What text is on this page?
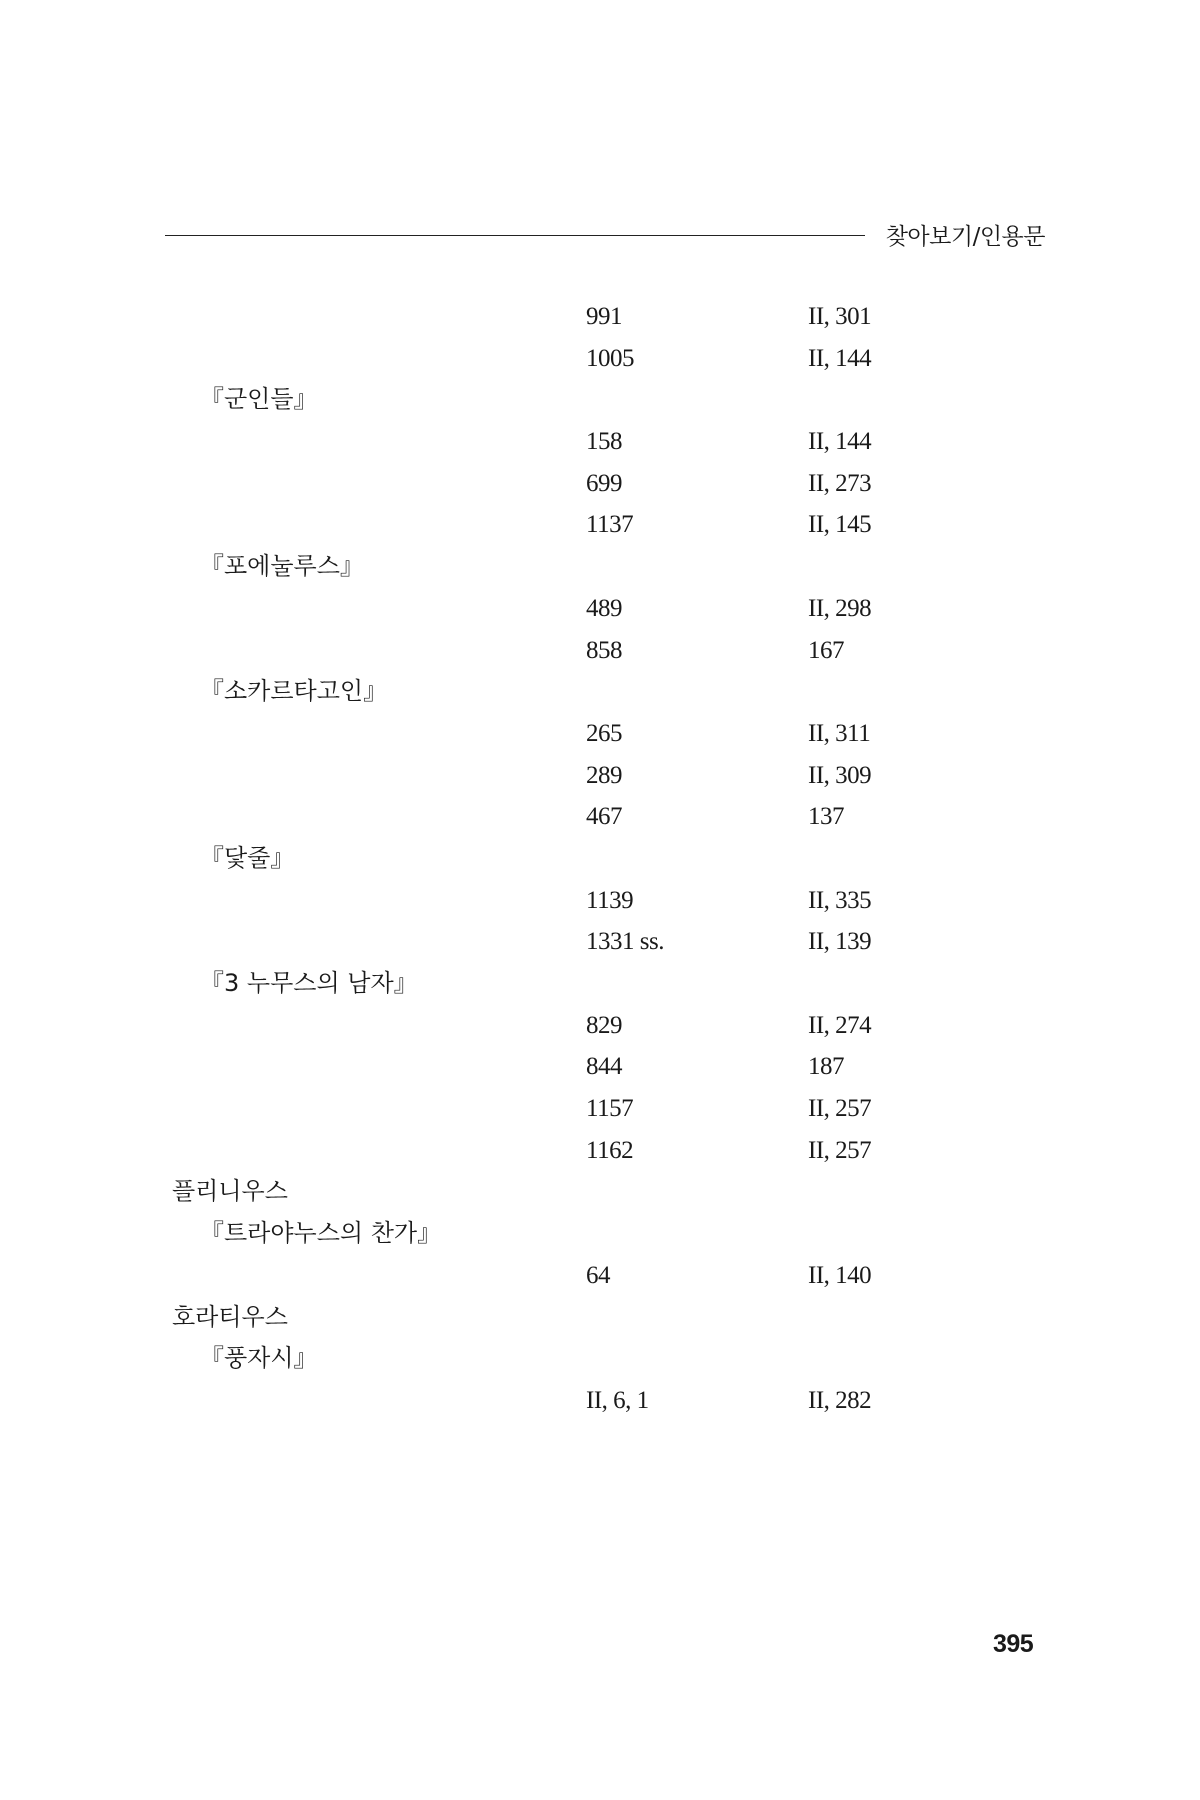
찾아보기/인용문
991	II, 301
1005	II, 144
『군인들』
158	II, 144
699	II, 273
1137	II, 145
『포에눌루스』
489	II, 298
858	167
『소카르타고인』
265	II, 311
289	II, 309
467	137
『닻줄』
1139	II, 335
1331 ss.	II, 139
『3 누무스의 남자』
829	II, 274
844	187
1157	II, 257
1162	II, 257
플리니우스
『트라야누스의 찬가』
64	II, 140
호라티우스
『풍자시』
II, 6, 1	II, 282
395
